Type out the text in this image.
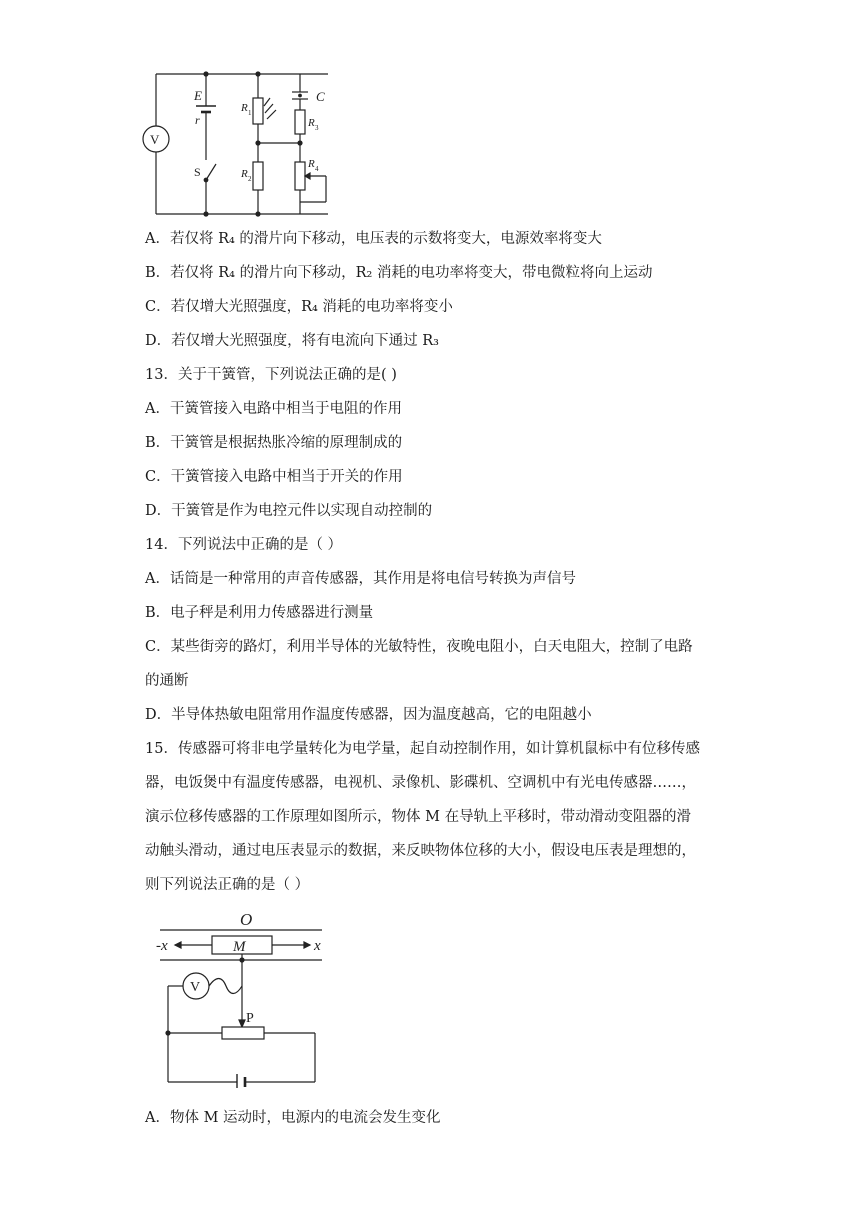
V
E
r
S
R 1
R 2
C
R 3
R 4
A．若仅将 R₄ 的滑片向下移动，电压表的示数将变大，电源效率将变大
B．若仅将 R₄ 的滑片向下移动，R₂ 消耗的电功率将变大，带电微粒将向上运动
C．若仅增大光照强度，R₄ 消耗的电功率将变小
D．若仅增大光照强度，将有电流向下通过 R₃
13．关于干簧管，下列说法正确的是( )
A．干簧管接入电路中相当于电阻的作用
B．干簧管是根据热胀冷缩的原理制成的
C．干簧管接入电路中相当于开关的作用
D．干簧管是作为电控元件以实现自动控制的
14．下列说法中正确的是（ ）
A．话筒是一种常用的声音传感器，其作用是将电信号转换为声信号
B．电子秤是利用力传感器进行测量
C．某些街旁的路灯，利用半导体的光敏特性，夜晚电阻小，白天电阻大，控制了电路
的通断
D．半导体热敏电阻常用作温度传感器，因为温度越高，它的电阻越小
15．传感器可将非电学量转化为电学量，起自动控制作用，如计算机鼠标中有位移传感
器，电饭煲中有温度传感器，电视机、录像机、影碟机、空调机中有光电传感器……，
演示位移传感器的工作原理如图所示，物体 M 在导轨上平移时，带动滑动变阻器的滑
动触头滑动，通过电压表显示的数据，来反映物体位移的大小，假设电压表是理想的，
则下列说法正确的是（ ）
O
M
-x	x
P
V
A．物体 M 运动时，电源内的电流会发生变化
